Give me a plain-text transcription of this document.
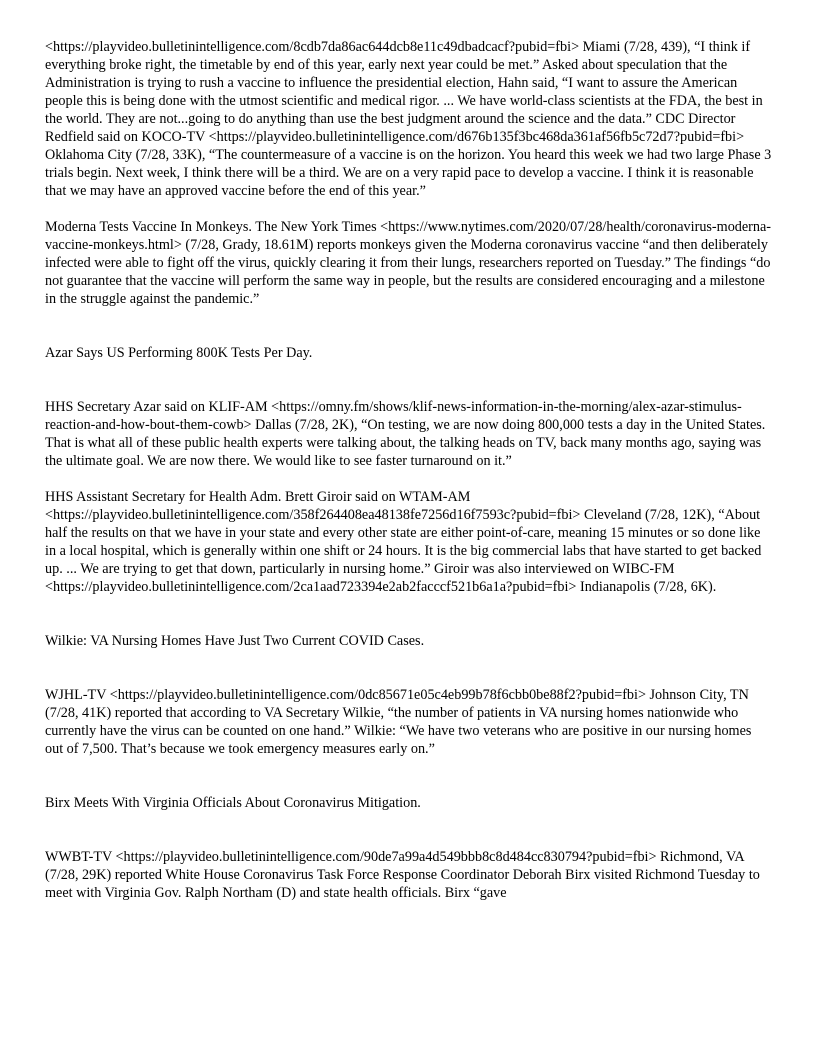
<https://playvideo.bulletinintelligence.com/8cdb7da86ac644dcb8e11c49dbadcacf?pubid=fbi> Miami (7/28, 439), “I think if everything broke right, the timetable by end of this year, early next year could be met.” Asked about speculation that the Administration is trying to rush a vaccine to influence the presidential election, Hahn said, “I want to assure the American people this is being done with the utmost scientific and medical rigor. ... We have world-class scientists at the FDA, the best in the world. They are not...going to do anything than use the best judgment around the science and the data.” CDC Director Redfield said on KOCO-TV <https://playvideo.bulletinintelligence.com/d676b135f3bc468da361af56fb5c72d7?pubid=fbi> Oklahoma City (7/28, 33K), “The countermeasure of a vaccine is on the horizon. You heard this week we had two large Phase 3 trials begin. Next week, I think there will be a third. We are on a very rapid pace to develop a vaccine. I think it is reasonable that we may have an approved vaccine before the end of this year.”

Moderna Tests Vaccine In Monkeys. The New York Times <https://www.nytimes.com/2020/07/28/health/coronavirus-moderna-vaccine-monkeys.html> (7/28, Grady, 18.61M) reports monkeys given the Moderna coronavirus vaccine “and then deliberately infected were able to fight off the virus, quickly clearing it from their lungs, researchers reported on Tuesday.” The findings “do not guarantee that the vaccine will perform the same way in people, but the results are considered encouraging and a milestone in the struggle against the pandemic.”

Azar Says US Performing 800K Tests Per Day.

HHS Secretary Azar said on KLIF-AM <https://omny.fm/shows/klif-news-information-in-the-morning/alex-azar-stimulus-reaction-and-how-bout-them-cowb> Dallas (7/28, 2K), “On testing, we are now doing 800,000 tests a day in the United States. That is what all of these public health experts were talking about, the talking heads on TV, back many months ago, saying was the ultimate goal. We are now there. We would like to see faster turnaround on it.”

HHS Assistant Secretary for Health Adm. Brett Giroir said on WTAM-AM <https://playvideo.bulletinintelligence.com/358f264408ea48138fe7256d16f7593c?pubid=fbi> Cleveland (7/28, 12K), “About half the results on that we have in your state and every other state are either point-of-care, meaning 15 minutes or so done like in a local hospital, which is generally within one shift or 24 hours. It is the big commercial labs that have started to get backed up. ... We are trying to get that down, particularly in nursing home.” Giroir was also interviewed on WIBC-FM <https://playvideo.bulletinintelligence.com/2ca1aad723394e2ab2facccf521b6a1a?pubid=fbi> Indianapolis (7/28, 6K).

Wilkie: VA Nursing Homes Have Just Two Current COVID Cases.

WJHL-TV <https://playvideo.bulletinintelligence.com/0dc85671e05c4eb99b78f6cbb0be88f2?pubid=fbi> Johnson City, TN (7/28, 41K) reported that according to VA Secretary Wilkie, “the number of patients in VA nursing homes nationwide who currently have the virus can be counted on one hand.” Wilkie: “We have two veterans who are positive in our nursing homes out of 7,500. That’s because we took emergency measures early on.”

Birx Meets With Virginia Officials About Coronavirus Mitigation.

WWBT-TV <https://playvideo.bulletinintelligence.com/90de7a99a4d549bbb8c8d484cc830794?pubid=fbi> Richmond, VA (7/28, 29K) reported White House Coronavirus Task Force Response Coordinator Deborah Birx visited Richmond Tuesday to meet with Virginia Gov. Ralph Northam (D) and state health officials. Birx “gave
